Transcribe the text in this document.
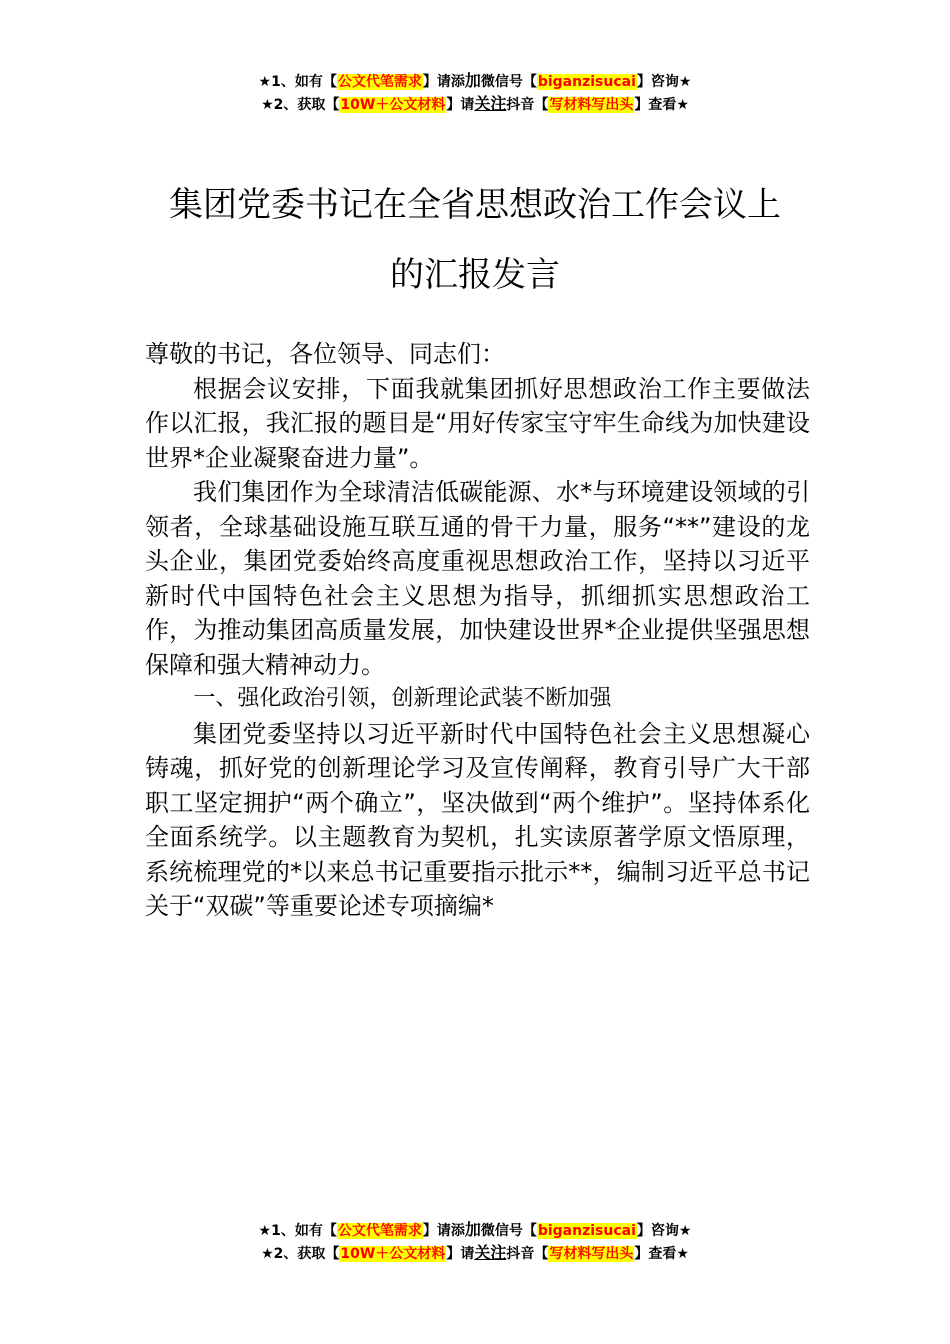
★1、如有【公文代笔需求】请添加微信号【biganzisucai】咨询★
★2、获取【10W＋公文材料】请关注抖音【写材料写出头】查看★
集团党委书记在全省思想政治工作会议上
的汇报发言

尊敬的书记，各位领导、同志们：

根据会议安排，下面我就集团抓好思想政治工作主要做法作以汇报，我汇报的题目是“用好传家宝守牢生命线为加快建设世界*企业凝聚奋进力量”。

我们集团作为全球清洁低碳能源、水*与环境建设领域的引领者，全球基础设施互联互通的骨干力量，服务“**”建设的龙头企业，集团党委始终高度重视思想政治工作，坚持以习近平新时代中国特色社会主义思想为指导，抓细抓实思想政治工作，为推动集团高质量发展，加快建设世界*企业提供坚强思想保障和强大精神动力。

一、强化政治引领，创新理论武装不断加强

集团党委坚持以习近平新时代中国特色社会主义思想凝心铸魂，抓好党的创新理论学习及宣传阐释，教育引导广大干部职工坚定拥护“两个确立”，坚决做到“两个维护”。坚持体系化全面系统学。以主题教育为契机，扎实读原著学原文悟原理，系统梳理党的*以来总书记重要指示批示**，编制习近平总书记关于“双碳”等重要论述专项摘编*

★1、如有【公文代笔需求】请添加微信号【biganzisucai】咨询★
★2、获取【10W＋公文材料】请关注抖音【写材料写出头】查看★
